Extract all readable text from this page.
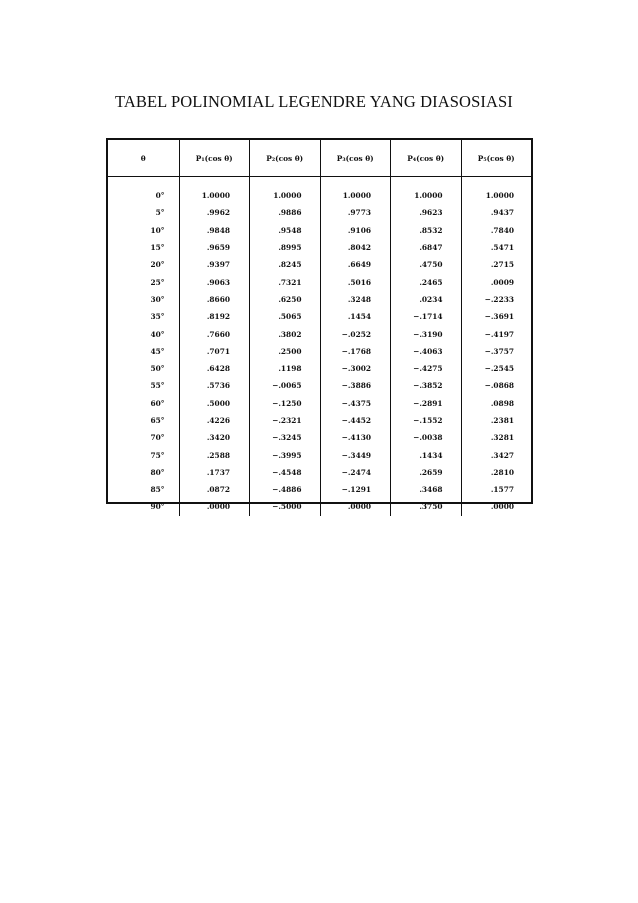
TABEL POLINOMIAL LEGENDRE YANG DIASOSIASI
θ	P₁(cos θ)	P₂(cos θ)	P₃(cos θ)	P₄(cos θ)	P₅(cos θ)
0°	1.0000	1.0000	1.0000	1.0000	1.0000
5°	.9962	.9886	.9773	.9623	.9437
10°	.9848	.9548	.9106	.8532	.7840
15°	.9659	.8995	.8042	.6847	.5471
20°	.9397	.8245	.6649	.4750	.2715
25°	.9063	.7321	.5016	.2465	.0009
30°	.8660	.6250	.3248	.0234	−.2233
35°	.8192	.5065	.1454	−.1714	−.3691
40°	.7660	.3802	−.0252	−.3190	−.4197
45°	.7071	.2500	−.1768	−.4063	−.3757
50°	.6428	.1198	−.3002	−.4275	−.2545
55°	.5736	−.0065	−.3886	−.3852	−.0868
60°	.5000	−.1250	−.4375	−.2891	.0898
65°	.4226	−.2321	−.4452	−.1552	.2381
70°	.3420	−.3245	−.4130	−.0038	.3281
75°	.2588	−.3995	−.3449	.1434	.3427
80°	.1737	−.4548	−.2474	.2659	.2810
85°	.0872	−.4886	−.1291	.3468	.1577
90°	.0000	−.5000	.0000	.3750	.0000
